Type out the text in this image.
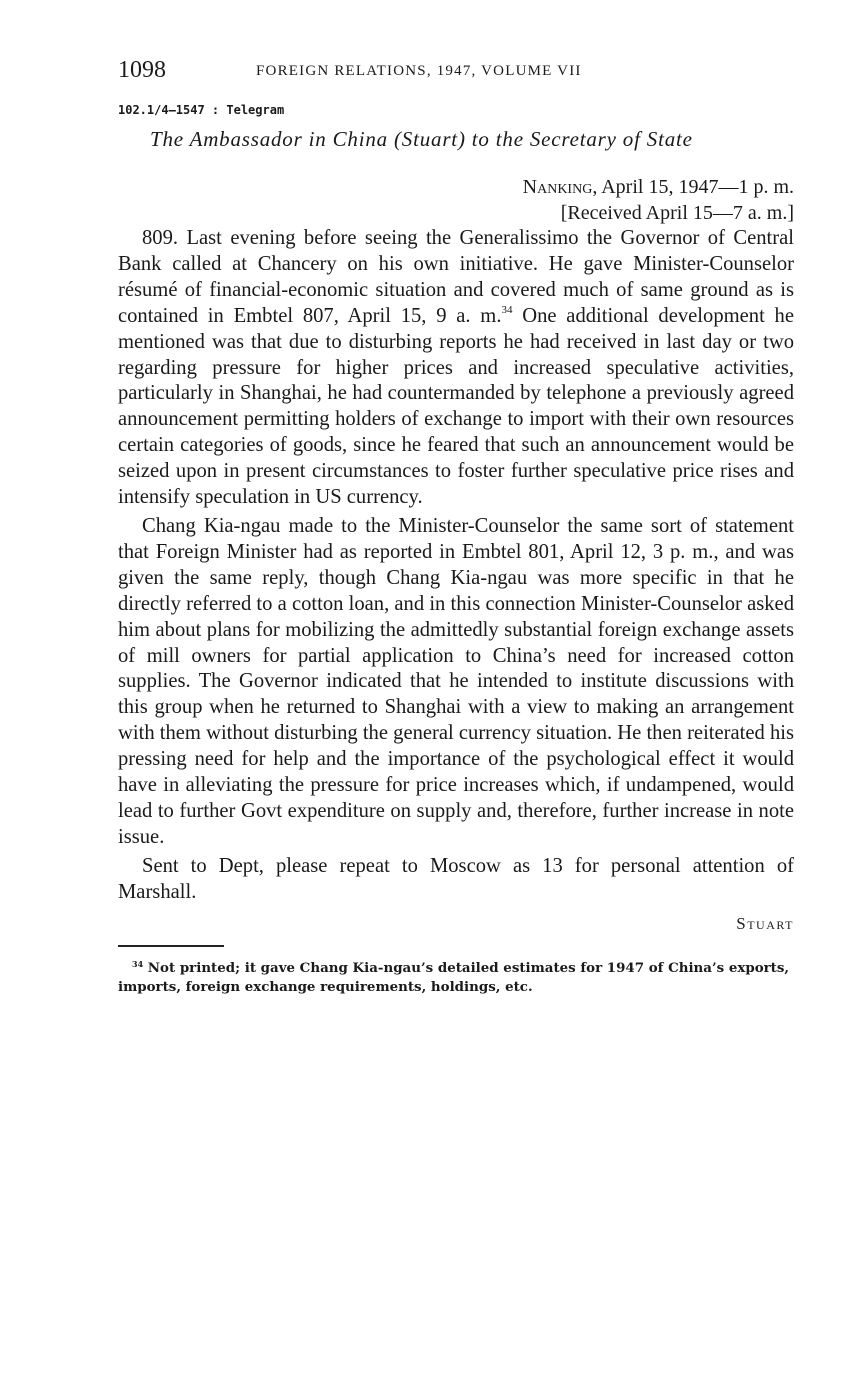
1098	FOREIGN RELATIONS, 1947, VOLUME VII
102.1/4–1547 : Telegram
The Ambassador in China (Stuart) to the Secretary of State
Nanking, April 15, 1947—1 p. m.
[Received April 15—7 a. m.]

809. Last evening before seeing the Generalissimo the Governor of Central Bank called at Chancery on his own initiative. He gave Minister-Counselor résumé of financial-economic situation and covered much of same ground as is contained in Embtel 807, April 15, 9 a. m.$^{34}$ One additional development he mentioned was that due to disturbing reports he had received in last day or two regarding pressure for higher prices and increased speculative activities, particularly in Shanghai, he had countermanded by telephone a previously agreed announcement permitting holders of exchange to import with their own resources certain categories of goods, since he feared that such an announcement would be seized upon in present circumstances to foster further speculative price rises and intensify speculation in US currency.

Chang Kia-ngau made to the Minister-Counselor the same sort of statement that Foreign Minister had as reported in Embtel 801, April 12, 3 p. m., and was given the same reply, though Chang Kia-ngau was more specific in that he directly referred to a cotton loan, and in this connection Minister-Counselor asked him about plans for mobilizing the admittedly substantial foreign exchange assets of mill owners for partial application to China’s need for increased cotton supplies. The Governor indicated that he intended to institute discussions with this group when he returned to Shanghai with a view to making an arrangement with them without disturbing the general currency situation. He then reiterated his pressing need for help and the importance of the psychological effect it would have in alleviating the pressure for price increases which, if undampened, would lead to further Govt expenditure on supply and, therefore, further increase in note issue.

Sent to Dept, please repeat to Moscow as 13 for personal attention of Marshall.

Stuart
$^{34}$ Not printed; it gave Chang Kia-ngau’s detailed estimates for 1947 of China’s exports, imports, foreign exchange requirements, holdings, etc.
